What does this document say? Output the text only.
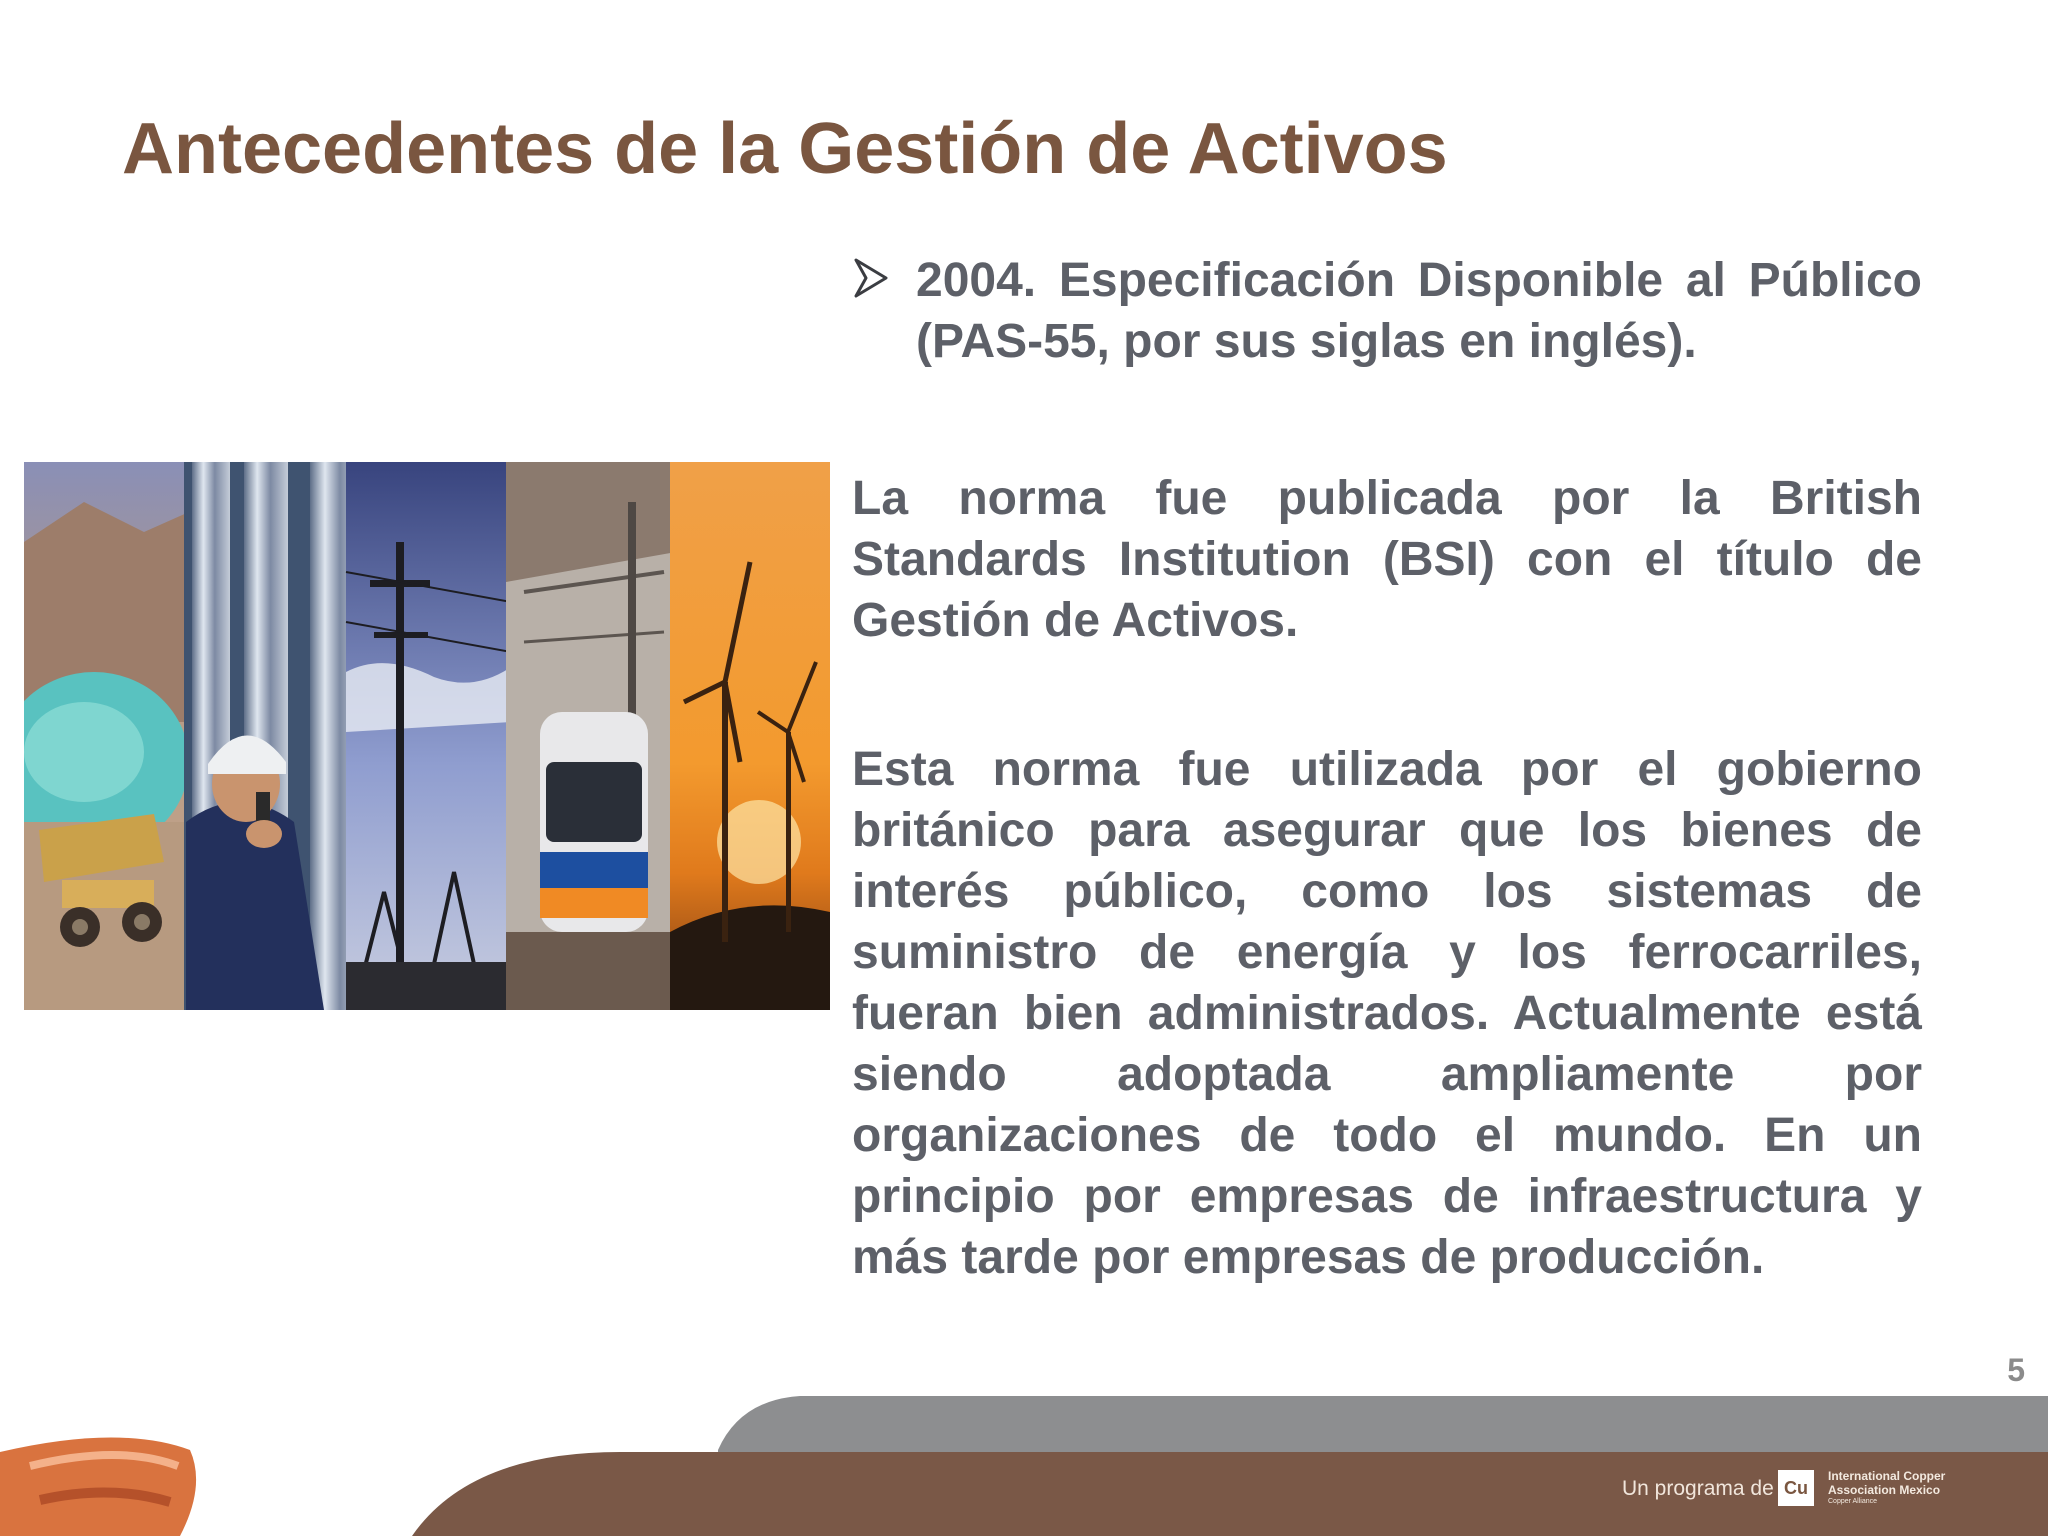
Antecedentes de la Gestión de Activos
2004. Especificación Disponible al Público (PAS-55, por sus siglas en inglés).

La norma fue publicada por la British Standards Institution (BSI) con el título de Gestión de Activos.

Esta norma fue utilizada por el gobierno británico para asegurar que los bienes de interés público, como los sistemas de suministro de energía y los ferrocarriles, fueran bien administrados. Actualmente está siendo adoptada ampliamente por organizaciones de todo el mundo. En un principio por empresas de infraestructura y más tarde por empresas de producción.

5
Un programa de Cu
International Copper
Association Mexico
Copper Alliance
